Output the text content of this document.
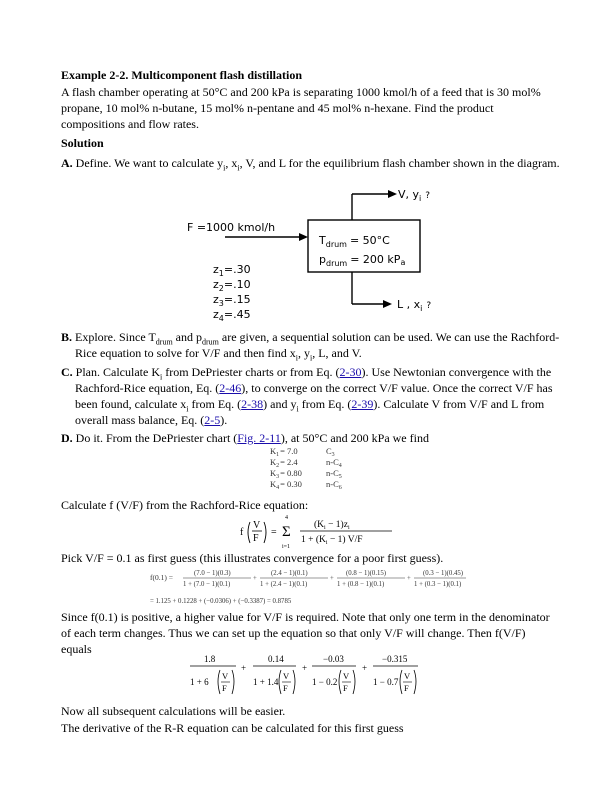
Example 2-2. Multicomponent flash distillation

A flash chamber operating at 50°C and 200 kPa is separating 1000 kmol/h of a feed that is 30 mol% propane, 10 mol% n-butane, 15 mol% n-pentane and 45 mol% n-hexane. Find the product compositions and flow rates.

Solution

A. Define. We want to calculate $y_i$, $x_i$, V, and L for the equilibrium flash chamber shown in the diagram.

F =1000 kmol/h
V, $y_i$ ?
L , $x_i$ ?
$T_{drum} = 50^\circ C$
$p_{drum} = 200$ kPa
$z_1=.30$
$z_2=.10$
$z_3=.15$
$z_4=.45$

B. Explore. Since $T_{drum}$ and $p_{drum}$ are given, a sequential solution can be used. We can use the Rachford-Rice equation to solve for V/F and then find $x_i$, $y_i$, L, and V.

C. Plan. Calculate $K_i$ from DePriester charts or from Eq. (2-30). Use Newtonian convergence with the Rachford-Rice equation, Eq. (2-46), to converge on the correct V/F value. Once the correct V/F has been found, calculate $x_i$ from Eq. (2-38) and $y_i$ from Eq. (2-39). Calculate V from V/F and L from overall mass balance, Eq. (2-5).

D. Do it. From the DePriester chart (Fig. 2-11), at 50°C and 200 kPa we find

$K_1= 7.0$	$C_3$
$K_2= 2.4$	$n-C_4$
$K_3= 0.80$	$n-C_5$
$K_4= 0.30$	$n-C_6$

Calculate f (V/F) from the Rachford-Rice equation:

f
V
F
= Σ
4
i=1
$(K_i - 1)z_i$
$1 + (K_i - 1)$ V/F

Pick V/F = 0.1 as first guess (this illustrates convergence for a poor first guess).

f(0.1) =	(7.0 − 1)(0.3)
1 + (7.0 − 1)(0.1)
+
(2.4 − 1)(0.1)
1 + (2.4 − 1)(0.1)
+
(0.8 − 1)(0.15)
1 + (0.8 − 1)(0.1)
+
(0.3 − 1)(0.45)
1 + (0.3 − 1)(0.1)
= 1.125 + 0.1228 + (−0.0306) + (−0.3387) = 0.8785

Since f(0.1) is positive, a higher value for V/F is required. Note that only one term in the denominator of each term changes. Thus we can set up the equation so that only V/F will change. Then f(V/F) equals

1.8
1 + 6
V
F
+
0.14
1 + 1.4
V
F
+
−0.03
1 − 0.2
V
F
+
−0.315
1 − 0.7
V
F

Now all subsequent calculations will be easier.

The derivative of the R-R equation can be calculated for this first guess
